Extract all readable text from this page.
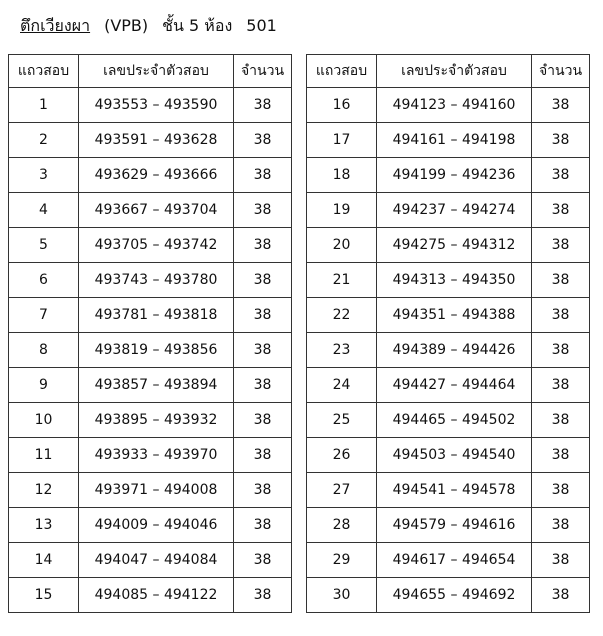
ตึกเวียงผา (VPB) ชั้น 5 ห้อง 501
แถวสอบ	เลขประจำตัวสอบ	จำนวน
1	493553 – 493590	38
2	493591 – 493628	38
3	493629 – 493666	38
4	493667 – 493704	38
5	493705 – 493742	38
6	493743 – 493780	38
7	493781 – 493818	38
8	493819 – 493856	38
9	493857 – 493894	38
10	493895 – 493932	38
11	493933 – 493970	38
12	493971 – 494008	38
13	494009 – 494046	38
14	494047 – 494084	38
15	494085 – 494122	38
แถวสอบ	เลขประจำตัวสอบ	จำนวน
16	494123 – 494160	38
17	494161 – 494198	38
18	494199 – 494236	38
19	494237 – 494274	38
20	494275 – 494312	38
21	494313 – 494350	38
22	494351 – 494388	38
23	494389 – 494426	38
24	494427 – 494464	38
25	494465 – 494502	38
26	494503 – 494540	38
27	494541 – 494578	38
28	494579 – 494616	38
29	494617 – 494654	38
30	494655 – 494692	38
